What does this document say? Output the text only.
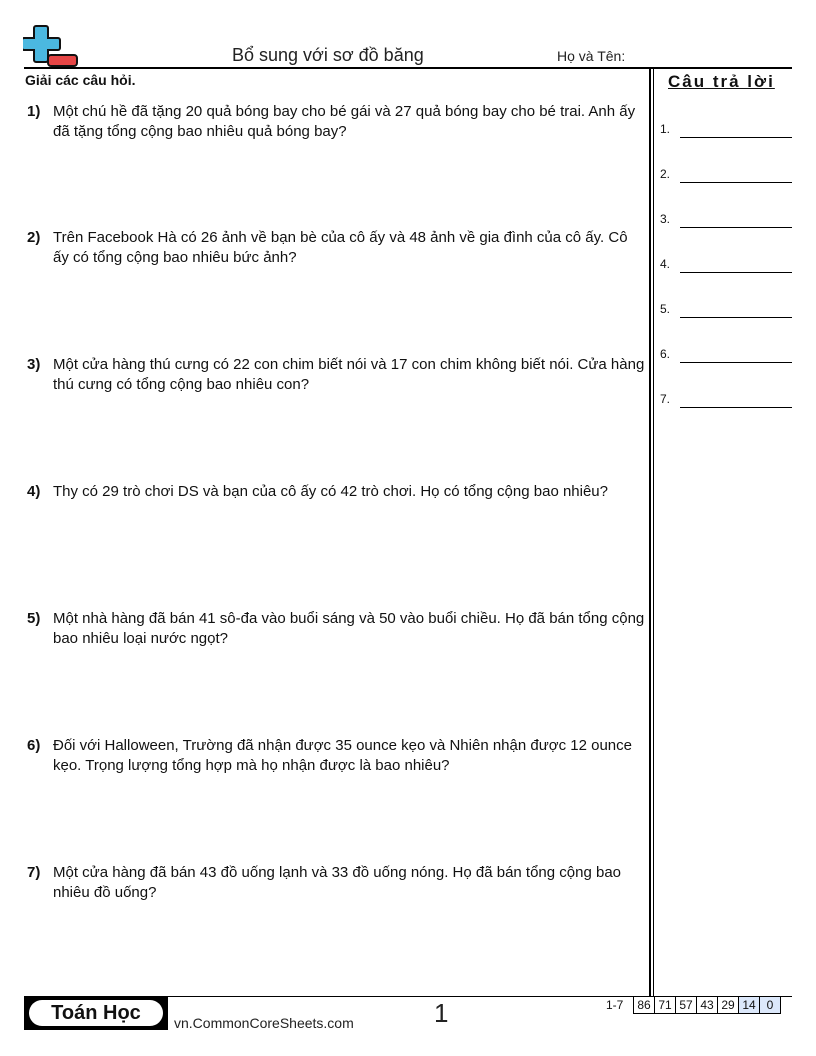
Bổ sung với sơ đồ băng	Họ và Tên:
Giải các câu hỏi.	Câu trả lời
1) Một chú hề đã tặng 20 quả bóng bay cho bé gái và 27 quả bóng bay cho bé trai. Anh ấy đã tặng tổng cộng bao nhiêu quả bóng bay?
2) Trên Facebook Hà có 26 ảnh về bạn bè của cô ấy và 48 ảnh về gia đình của cô ấy. Cô ấy có tổng cộng bao nhiêu bức ảnh?
3) Một cửa hàng thú cưng có 22 con chim biết nói và 17 con chim không biết nói. Cửa hàng thú cưng có tổng cộng bao nhiêu con?
4) Thy có 29 trò chơi DS và bạn của cô ấy có 42 trò chơi. Họ có tổng cộng bao nhiêu?
5) Một nhà hàng đã bán 41 sô-đa vào buổi sáng và 50 vào buổi chiều. Họ đã bán tổng cộng bao nhiêu loại nước ngọt?
6) Đối với Halloween, Trường đã nhận được 35 ounce kẹo và Nhiên nhận được 12 ounce kẹo. Trọng lượng tổng hợp mà họ nhận được là bao nhiêu?
7) Một cửa hàng đã bán 43 đồ uống lạnh và 33 đồ uống nóng. Họ đã bán tổng cộng bao nhiêu đồ uống?
1.
2.
3.
4.
5.
6.
7.
Toán Học	vn.CommonCoreSheets.com	1	1-7 86 71 57 43 29 14 0
